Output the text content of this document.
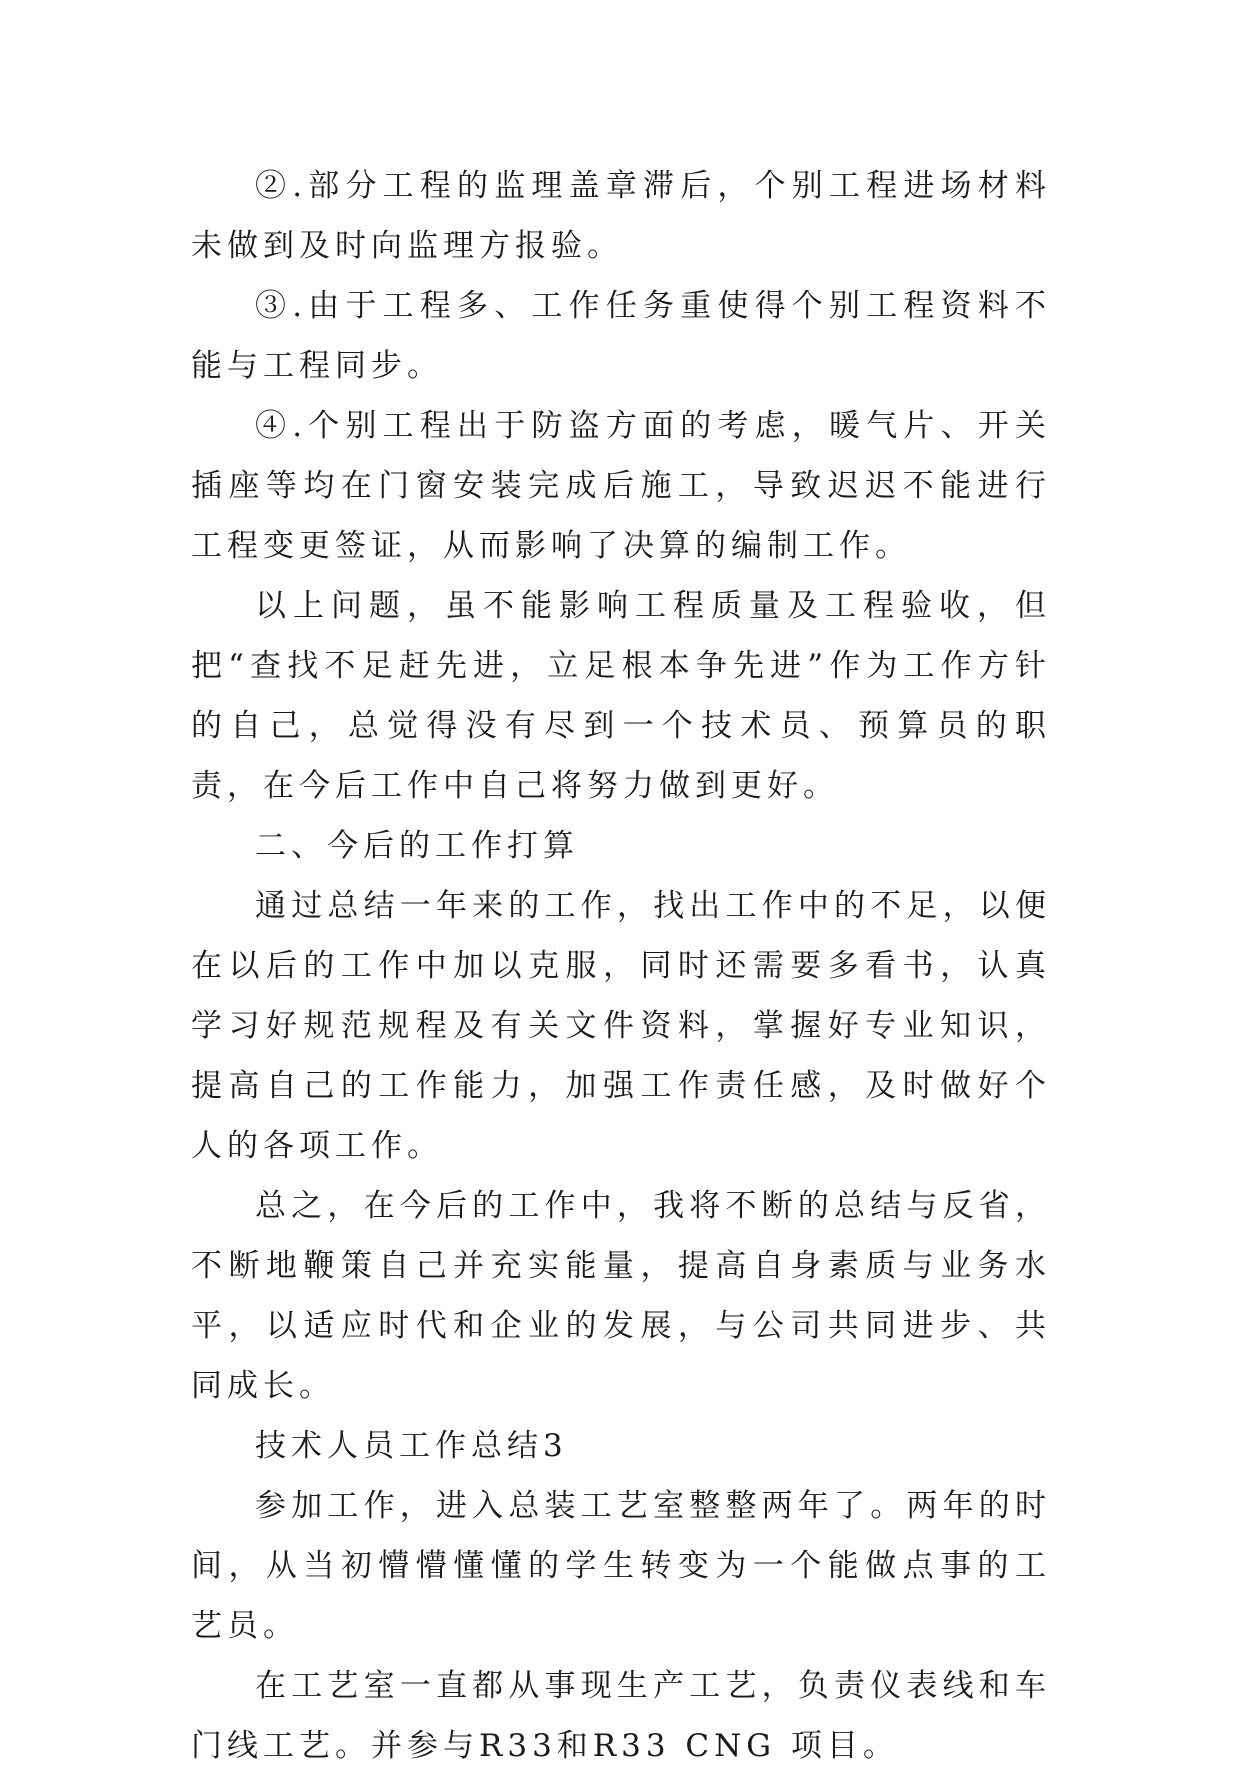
②.部分工程的监理盖章滞后，个别工程进场材料未做到及时向监理方报验。

③.由于工程多、工作任务重使得个别工程资料不能与工程同步。

④.个别工程出于防盗方面的考虑，暖气片、开关插座等均在门窗安装完成后施工，导致迟迟不能进行工程变更签证，从而影响了决算的编制工作。

以上问题，虽不能影响工程质量及工程验收，但把“查找不足赶先进，立足根本争先进”作为工作方针的自己，总觉得没有尽到一个技术员、预算员的职责，在今后工作中自己将努力做到更好。

二、今后的工作打算

通过总结一年来的工作，找出工作中的不足，以便在以后的工作中加以克服，同时还需要多看书，认真学习好规范规程及有关文件资料，掌握好专业知识，提高自己的工作能力，加强工作责任感，及时做好个人的各项工作。

总之，在今后的工作中，我将不断的总结与反省，不断地鞭策自己并充实能量，提高自身素质与业务水平，以适应时代和企业的发展，与公司共同进步、共同成长。

技术人员工作总结3

参加工作，进入总装工艺室整整两年了。两年的时间，从当初懵懵懂懂的学生转变为一个能做点事的工艺员。

在工艺室一直都从事现生产工艺，负责仪表线和车门线工艺。并参与R33和R33 CNG 项目。
